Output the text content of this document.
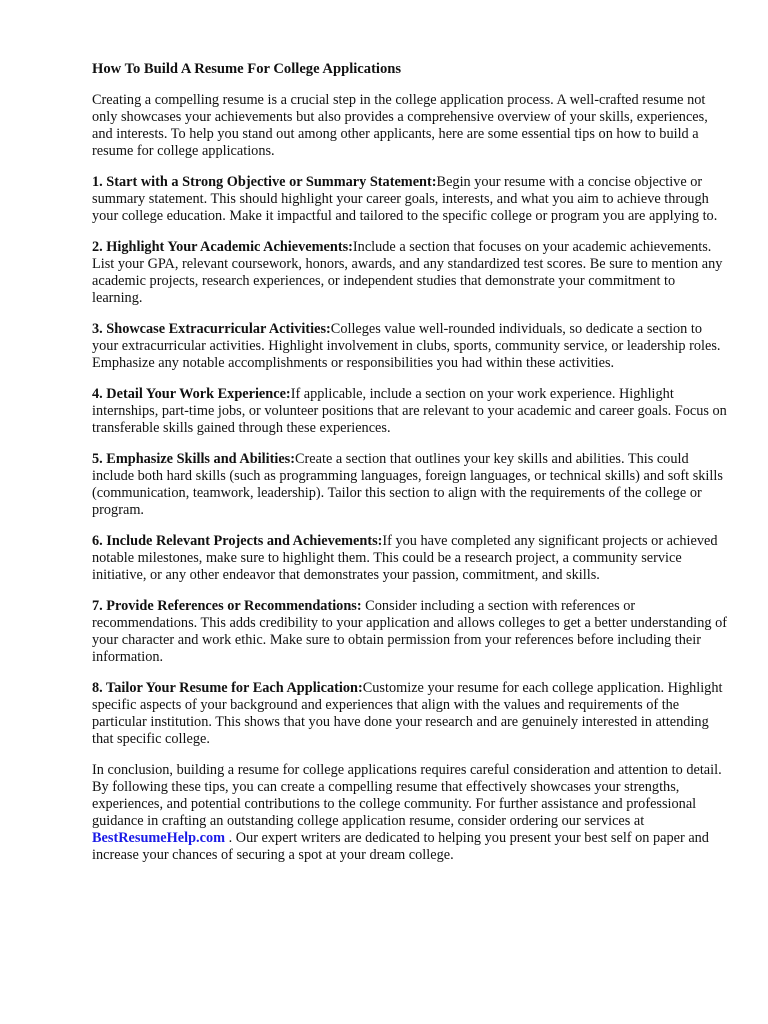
How To Build A Resume For College Applications

Creating a compelling resume is a crucial step in the college application process. A well-crafted resume not only showcases your achievements but also provides a comprehensive overview of your skills, experiences, and interests. To help you stand out among other applicants, here are some essential tips on how to build a resume for college applications.

1. Start with a Strong Objective or Summary Statement:Begin your resume with a concise objective or summary statement. This should highlight your career goals, interests, and what you aim to achieve through your college education. Make it impactful and tailored to the specific college or program you are applying to.

2. Highlight Your Academic Achievements:Include a section that focuses on your academic achievements. List your GPA, relevant coursework, honors, awards, and any standardized test scores. Be sure to mention any academic projects, research experiences, or independent studies that demonstrate your commitment to learning.

3. Showcase Extracurricular Activities:Colleges value well-rounded individuals, so dedicate a section to your extracurricular activities. Highlight involvement in clubs, sports, community service, or leadership roles. Emphasize any notable accomplishments or responsibilities you had within these activities.

4. Detail Your Work Experience:If applicable, include a section on your work experience. Highlight internships, part-time jobs, or volunteer positions that are relevant to your academic and career goals. Focus on transferable skills gained through these experiences.

5. Emphasize Skills and Abilities:Create a section that outlines your key skills and abilities. This could include both hard skills (such as programming languages, foreign languages, or technical skills) and soft skills (communication, teamwork, leadership). Tailor this section to align with the requirements of the college or program.

6. Include Relevant Projects and Achievements:If you have completed any significant projects or achieved notable milestones, make sure to highlight them. This could be a research project, a community service initiative, or any other endeavor that demonstrates your passion, commitment, and skills.

7. Provide References or Recommendations: Consider including a section with references or recommendations. This adds credibility to your application and allows colleges to get a better understanding of your character and work ethic. Make sure to obtain permission from your references before including their information.

8. Tailor Your Resume for Each Application:Customize your resume for each college application. Highlight specific aspects of your background and experiences that align with the values and requirements of the particular institution. This shows that you have done your research and are genuinely interested in attending that specific college.

In conclusion, building a resume for college applications requires careful consideration and attention to detail. By following these tips, you can create a compelling resume that effectively showcases your strengths, experiences, and potential contributions to the college community. For further assistance and professional guidance in crafting an outstanding college application resume, consider ordering our services at BestResumeHelp.com . Our expert writers are dedicated to helping you present your best self on paper and increase your chances of securing a spot at your dream college.
